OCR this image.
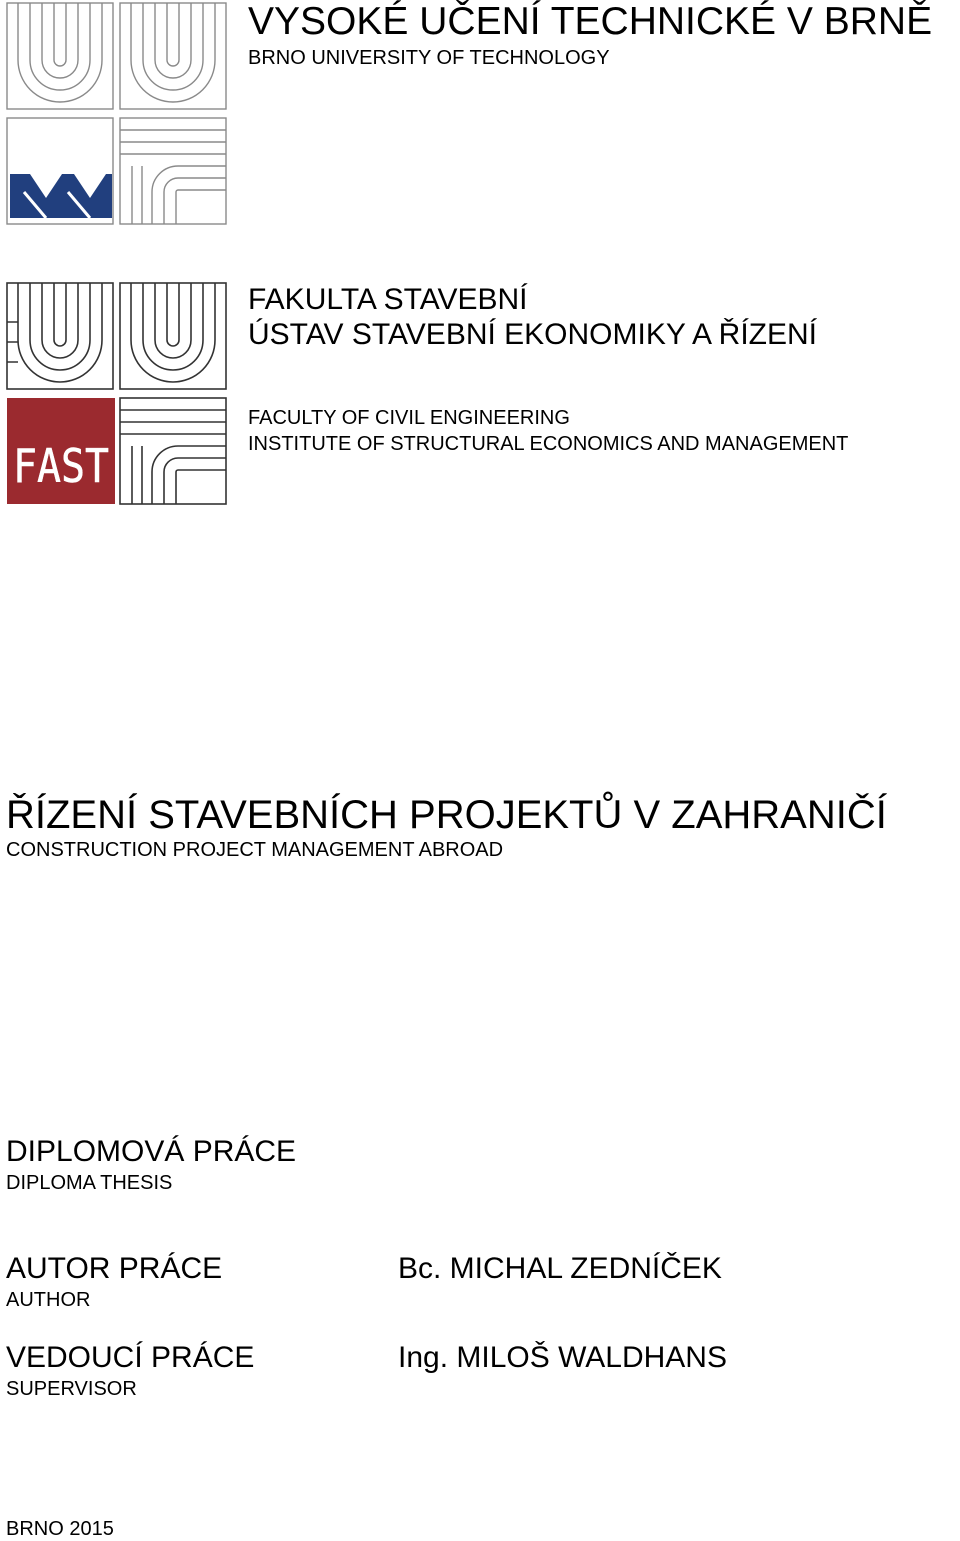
VYSOKÉ UČENÍ TECHNICKÉ V BRNĚ
BRNO UNIVERSITY OF TECHNOLOGY
FAST
FAKULTA STAVEBNÍ
ÚSTAV STAVEBNÍ EKONOMIKY A ŘÍZENÍ
FACULTY OF CIVIL ENGINEERING
INSTITUTE OF STRUCTURAL ECONOMICS AND MANAGEMENT
ŘÍZENÍ STAVEBNÍCH PROJEKTŮ V ZAHRANIČÍ
CONSTRUCTION PROJECT MANAGEMENT ABROAD
DIPLOMOVÁ PRÁCE
DIPLOMA THESIS
AUTOR PRÁCE
AUTHOR
Bc. MICHAL ZEDNÍČEK
VEDOUCÍ PRÁCE
SUPERVISOR
Ing. MILOŠ WALDHANS
BRNO 2015
